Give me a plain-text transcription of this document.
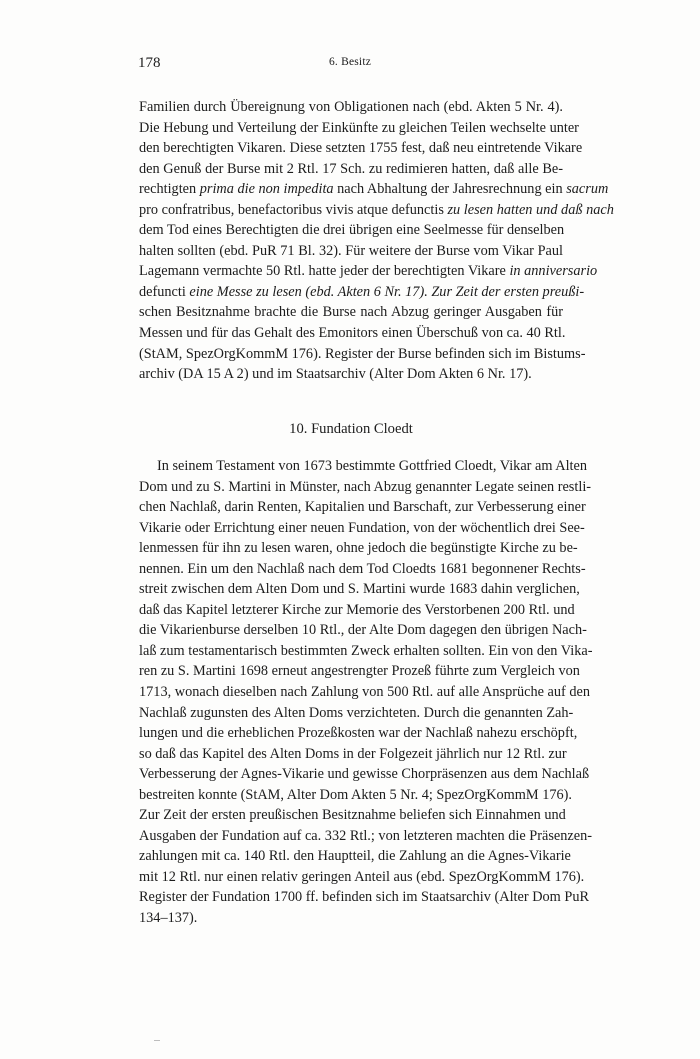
178	6. Besitz

Familien durch Übereignung von Obligationen nach (ebd. Akten 5 Nr. 4).
Die Hebung und Verteilung der Einkünfte zu gleichen Teilen wechselte unter
den berechtigten Vikaren. Diese setzten 1755 fest, daß neu eintretende Vikare
den Genuß der Burse mit 2 Rtl. 17 Sch. zu redimieren hatten, daß alle Be-
rechtigten prima die non impedita nach Abhaltung der Jahresrechnung ein sacrum
pro confratribus, benefactoribus vivis atque defunctis zu lesen hatten und daß nach
dem Tod eines Berechtigten die drei übrigen eine Seelmesse für denselben
halten sollten (ebd. PuR 71 Bl. 32). Für weitere der Burse vom Vikar Paul
Lagemann vermachte 50 Rtl. hatte jeder der berechtigten Vikare in anniversario
defuncti eine Messe zu lesen (ebd. Akten 6 Nr. 17). Zur Zeit der ersten preußi-
schen Besitznahme brachte die Burse nach Abzug geringer Ausgaben für
Messen und für das Gehalt des Emonitors einen Überschuß von ca. 40 Rtl.
(StAM, SpezOrgKommM 176). Register der Burse befinden sich im Bistums-
archiv (DA 15 A 2) und im Staatsarchiv (Alter Dom Akten 6 Nr. 17).

10. Fundation Cloedt

In seinem Testament von 1673 bestimmte Gottfried Cloedt, Vikar am Alten
Dom und zu S. Martini in Münster, nach Abzug genannter Legate seinen restli-
chen Nachlaß, darin Renten, Kapitalien und Barschaft, zur Verbesserung einer
Vikarie oder Errichtung einer neuen Fundation, von der wöchentlich drei See-
lenmessen für ihn zu lesen waren, ohne jedoch die begünstigte Kirche zu be-
nennen. Ein um den Nachlaß nach dem Tod Cloedts 1681 begonnener Rechts-
streit zwischen dem Alten Dom und S. Martini wurde 1683 dahin verglichen,
daß das Kapitel letzterer Kirche zur Memorie des Verstorbenen 200 Rtl. und
die Vikarienburse derselben 10 Rtl., der Alte Dom dagegen den übrigen Nach-
laß zum testamentarisch bestimmten Zweck erhalten sollten. Ein von den Vika-
ren zu S. Martini 1698 erneut angestrengter Prozeß führte zum Vergleich von
1713, wonach dieselben nach Zahlung von 500 Rtl. auf alle Ansprüche auf den
Nachlaß zugunsten des Alten Doms verzichteten. Durch die genannten Zah-
lungen und die erheblichen Prozeßkosten war der Nachlaß nahezu erschöpft,
so daß das Kapitel des Alten Doms in der Folgezeit jährlich nur 12 Rtl. zur
Verbesserung der Agnes-Vikarie und gewisse Chorpräsenzen aus dem Nachlaß
bestreiten konnte (StAM, Alter Dom Akten 5 Nr. 4; SpezOrgKommM 176).
Zur Zeit der ersten preußischen Besitznahme beliefen sich Einnahmen und
Ausgaben der Fundation auf ca. 332 Rtl.; von letzteren machten die Präsenzen-
zahlungen mit ca. 140 Rtl. den Hauptteil, die Zahlung an die Agnes-Vikarie
mit 12 Rtl. nur einen relativ geringen Anteil aus (ebd. SpezOrgKommM 176).
Register der Fundation 1700 ff. befinden sich im Staatsarchiv (Alter Dom PuR
134–137).
